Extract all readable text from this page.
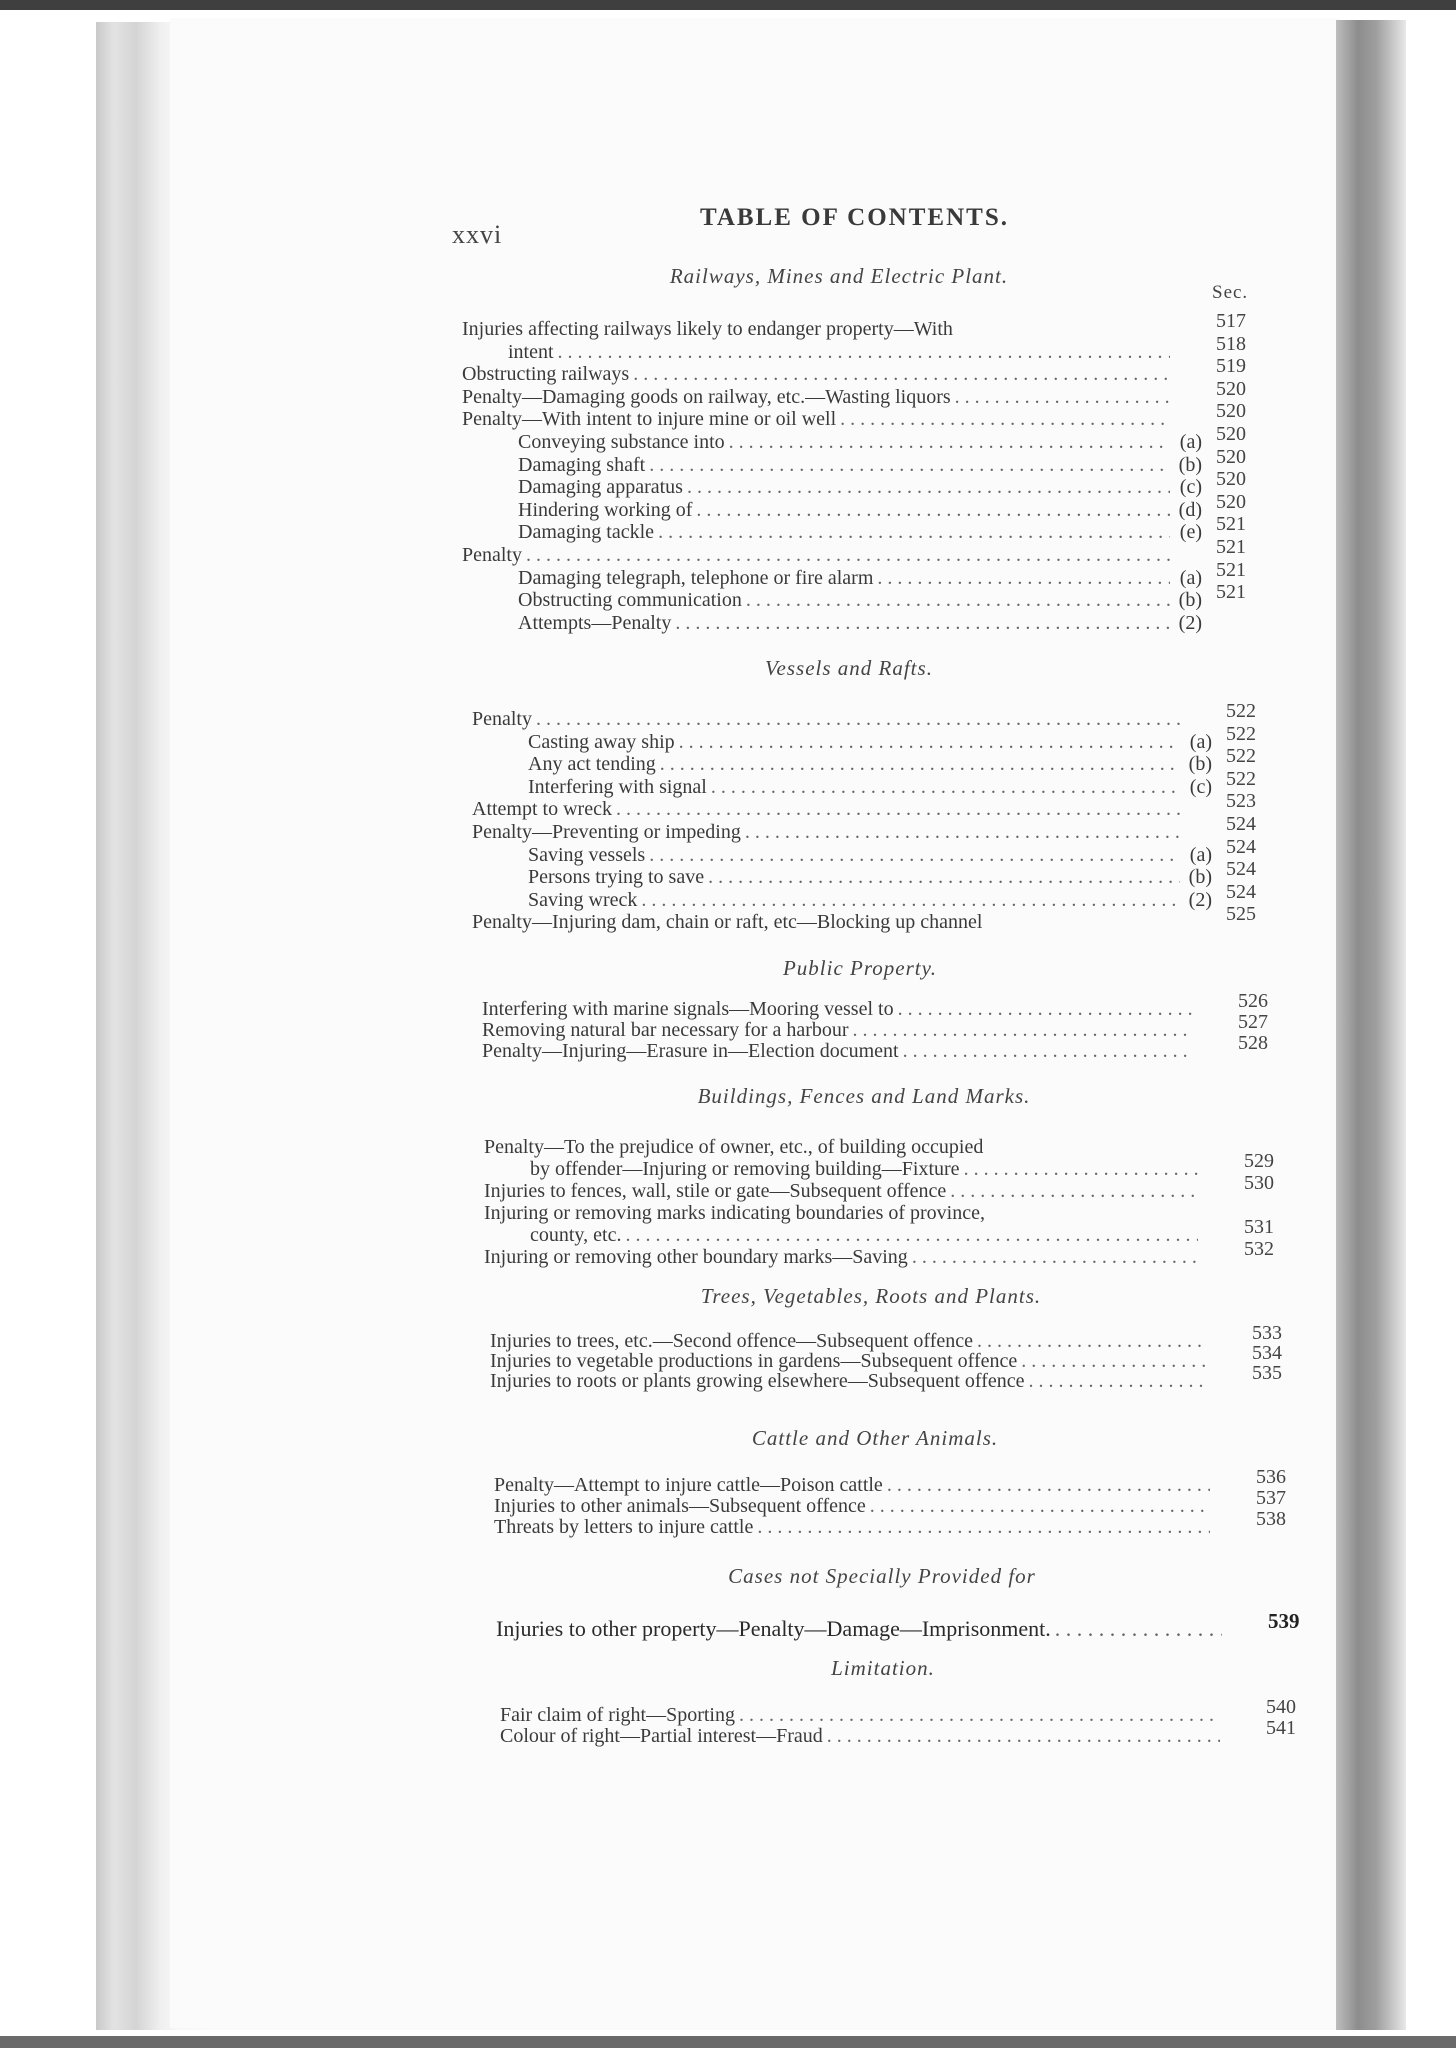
xxvi
TABLE OF CONTENTS.
Sec.
Railways, Mines and Electric Plant.
Injuries affecting railways likely to endanger property—With	517
intent . . .	518
Obstructing railways . . .	519
Penalty—Damaging goods on railway, etc.—Wasting liquors . . .	520
Penalty—With intent to injure mine or oil well . . .	520
Conveying substance into . . .	(a) 520
Damaging shaft . . .	(b) 520
Damaging apparatus . . .	(c) 520
Hindering working of . . .	(d) 520
Damaging tackle . . .	(e) 521
Penalty . . .	521
Damaging telegraph, telephone or fire alarm . . .	(a) 521
Obstructing communication . . .	(b) 521
Attempts—Penalty . . .	(2)
Vessels and Rafts.
Penalty . . .	522
Casting away ship . . .	(a) 522
Any act tending . . .	(b) 522
Interfering with signal . . .	(c) 522
Attempt to wreck . . .	523
Penalty—Preventing or impeding . . .	524
Saving vessels . . .	(a) 524
Persons trying to save . . .	(b) 524
Saving wreck . . .	(2) 524
Penalty—Injuring dam, chain or raft, etc—Blocking up channel	525
Public Property.
Interfering with marine signals—Mooring vessel to . . .	526
Removing natural bar necessary for a harbour . . .	527
Penalty—Injuring—Erasure in—Election document . . .	528
Buildings, Fences and Land Marks.
Penalty—To the prejudice of owner, etc., of building occupied
by offender—Injuring or removing building—Fixture . . .	529
Injuries to fences, wall, stile or gate—Subsequent offence . . .	530
Injuring or removing marks indicating boundaries of province,
county, etc. . . .	531
Injuring or removing other boundary marks—Saving . . .	532
Trees, Vegetables, Roots and Plants.
Injuries to trees, etc.—Second offence—Subsequent offence . . .	533
Injuries to vegetable productions in gardens—Subsequent offence . . .	534
Injuries to roots or plants growing elsewhere—Subsequent offence . . .	535
Cattle and Other Animals.
Penalty—Attempt to injure cattle—Poison cattle . . .	536
Injuries to other animals—Subsequent offence . . .	537
Threats by letters to injure cattle . . .	538
Cases not Specially Provided for
Injuries to other property—Penalty—Damage—Imprisonment. . . .	539
Limitation.
Fair claim of right—Sporting . . .	540
Colour of right—Partial interest—Fraud . . .	541
